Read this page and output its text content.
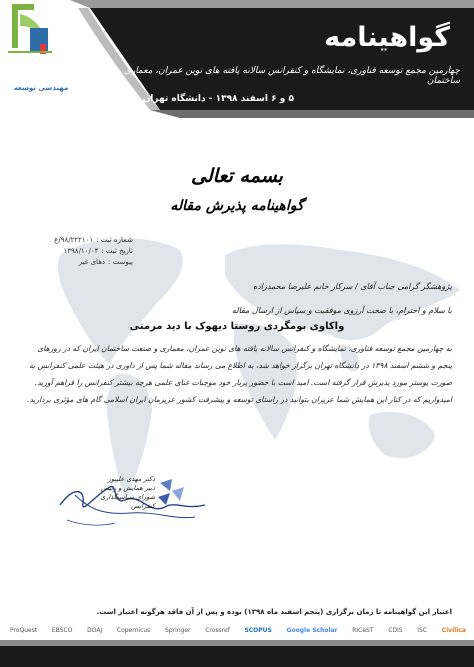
مهندسی توسعه
گواهینامه
چهارمین مجمع توسعه فناوری، نمایشگاه و کنفرانس سالانه یافته های نوین عمران، معماری و صنعت ساختمان
۵ و ۶ اسفند ۱۳۹۸ - دانشگاه تهران
بسمه تعالی
گواهینامه پذیرش مقاله
شماره ثبت :
۹۸/۲۲۲۱۰۱/ع
تاریخ ثبت :
۱۳۹۸/۱۰/۰۴
پیوست :
دهای غیر
پژوهشگر گرامی جناب آقای / سرکار خانم علیرضا محمدزاده
با سلام و احترام، با صحت آرزوی موفقیت و سپاس از ارسال مقاله
واکاوی بومگردی روستا دیهوک با دید مرمتی
به چهارمین مجمع توسعه فناوری، نمایشگاه و کنفرانس سالانه یافته های نوین عمران، معماری و صنعت ساختمان ایران که در روزهای پنجم و ششم اسفند ۱۳۹۸ در دانشگاه تهران برگزار خواهد شد، به اطلاع می رساند مقاله شما پس از داوری در هیئت علمی کنفرانس به صورت پوستر مورد پذیرش قرار گرفته است. امید است با حضور پربار خود موجبات غنای علمی هرچه بیشتر کنفرانس را فراهم آورید. امیدواریم که در کنار این همایش شما عزیزان بتوانید در راستای توسعه و پیشرفت کشور عزیزمان ایران اسلامی گام های مؤثری بردارید.
دکتر مهدی علیپور
دبیر همایش و رئیس شورای سیاستگذاری کنفرانس
اعتبار این گواهینامه تا زمان برگزاری (پنجم اسفند ماه ۱۳۹۸) بوده و پس از آن فاقد هرگونه اعتبار است.
ProQuest	EBSCO	DOAJ	Copernicus	Springer	Crossref	SCOPUS	Google Scholar	RICeST	CDIS	ISC	Civilica
